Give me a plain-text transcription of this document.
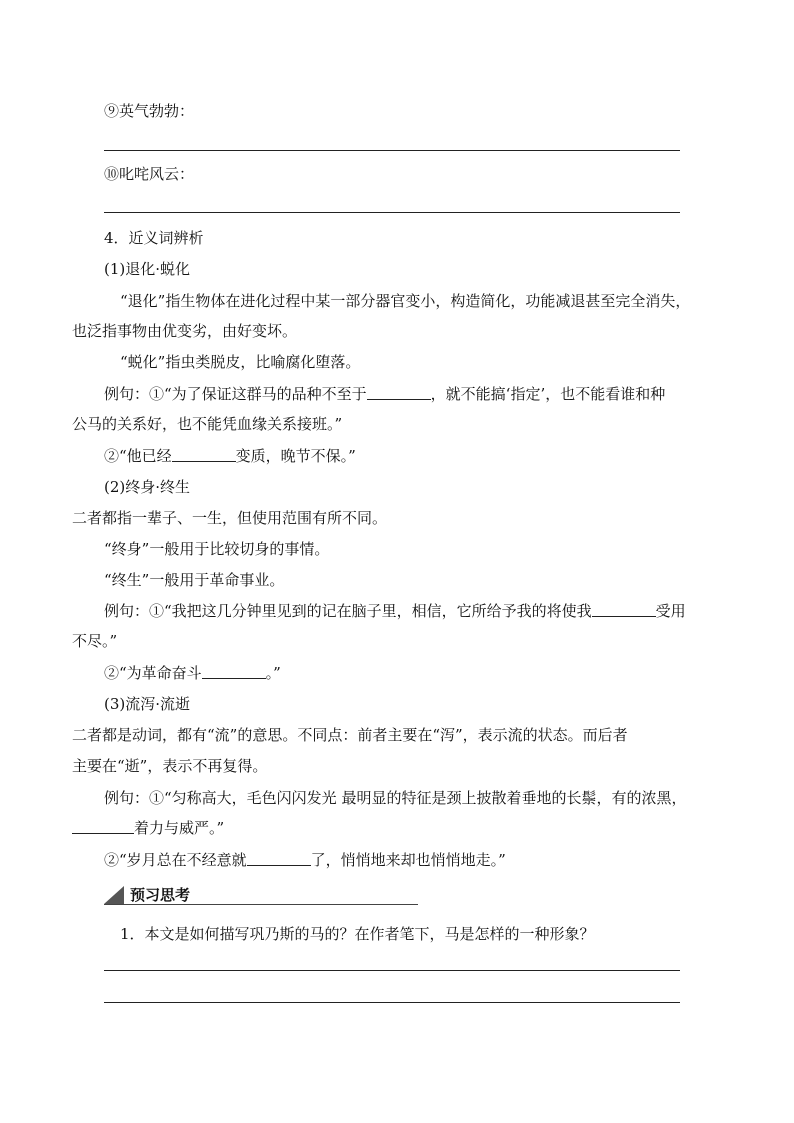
⑨英气勃勃：
⑩叱咤风云：
4．近义词辨析
(1)退化·蜕化
“退化”指生物体在进化过程中某一部分器官变小，构造简化，功能减退甚至完全消失，
也泛指事物由优变劣，由好变坏。
“蜕化”指虫类脱皮，比喻腐化堕落。
例句：①“为了保证这群马的品种不至于	，就不能搞‘指定’，也不能看谁和种
公马的关系好，也不能凭血缘关系接班。”
②“他已经	变质，晚节不保。”
(2)终身·终生
二者都指一辈子、一生，但使用范围有所不同。
“终身”一般用于比较切身的事情。
“终生”一般用于革命事业。
例句：①“我把这几分钟里见到的记在脑子里，相信，它所给予我的将使我	受用
不尽。”
②“为革命奋斗	。”
(3)流泻·流逝
二者都是动词，都有“流”的意思。不同点：前者主要在“泻”，表示流的状态。而后者
主要在“逝”，表示不再复得。
例句：①“匀称高大，毛色闪闪发光 最明显的特征是颈上披散着垂地的长鬃，有的浓黑，
着力与威严。”
②“岁月总在不经意就	了，悄悄地来却也悄悄地走。”
预习思考
1．本文是如何描写巩乃斯的马的？在作者笔下，马是怎样的一种形象？
